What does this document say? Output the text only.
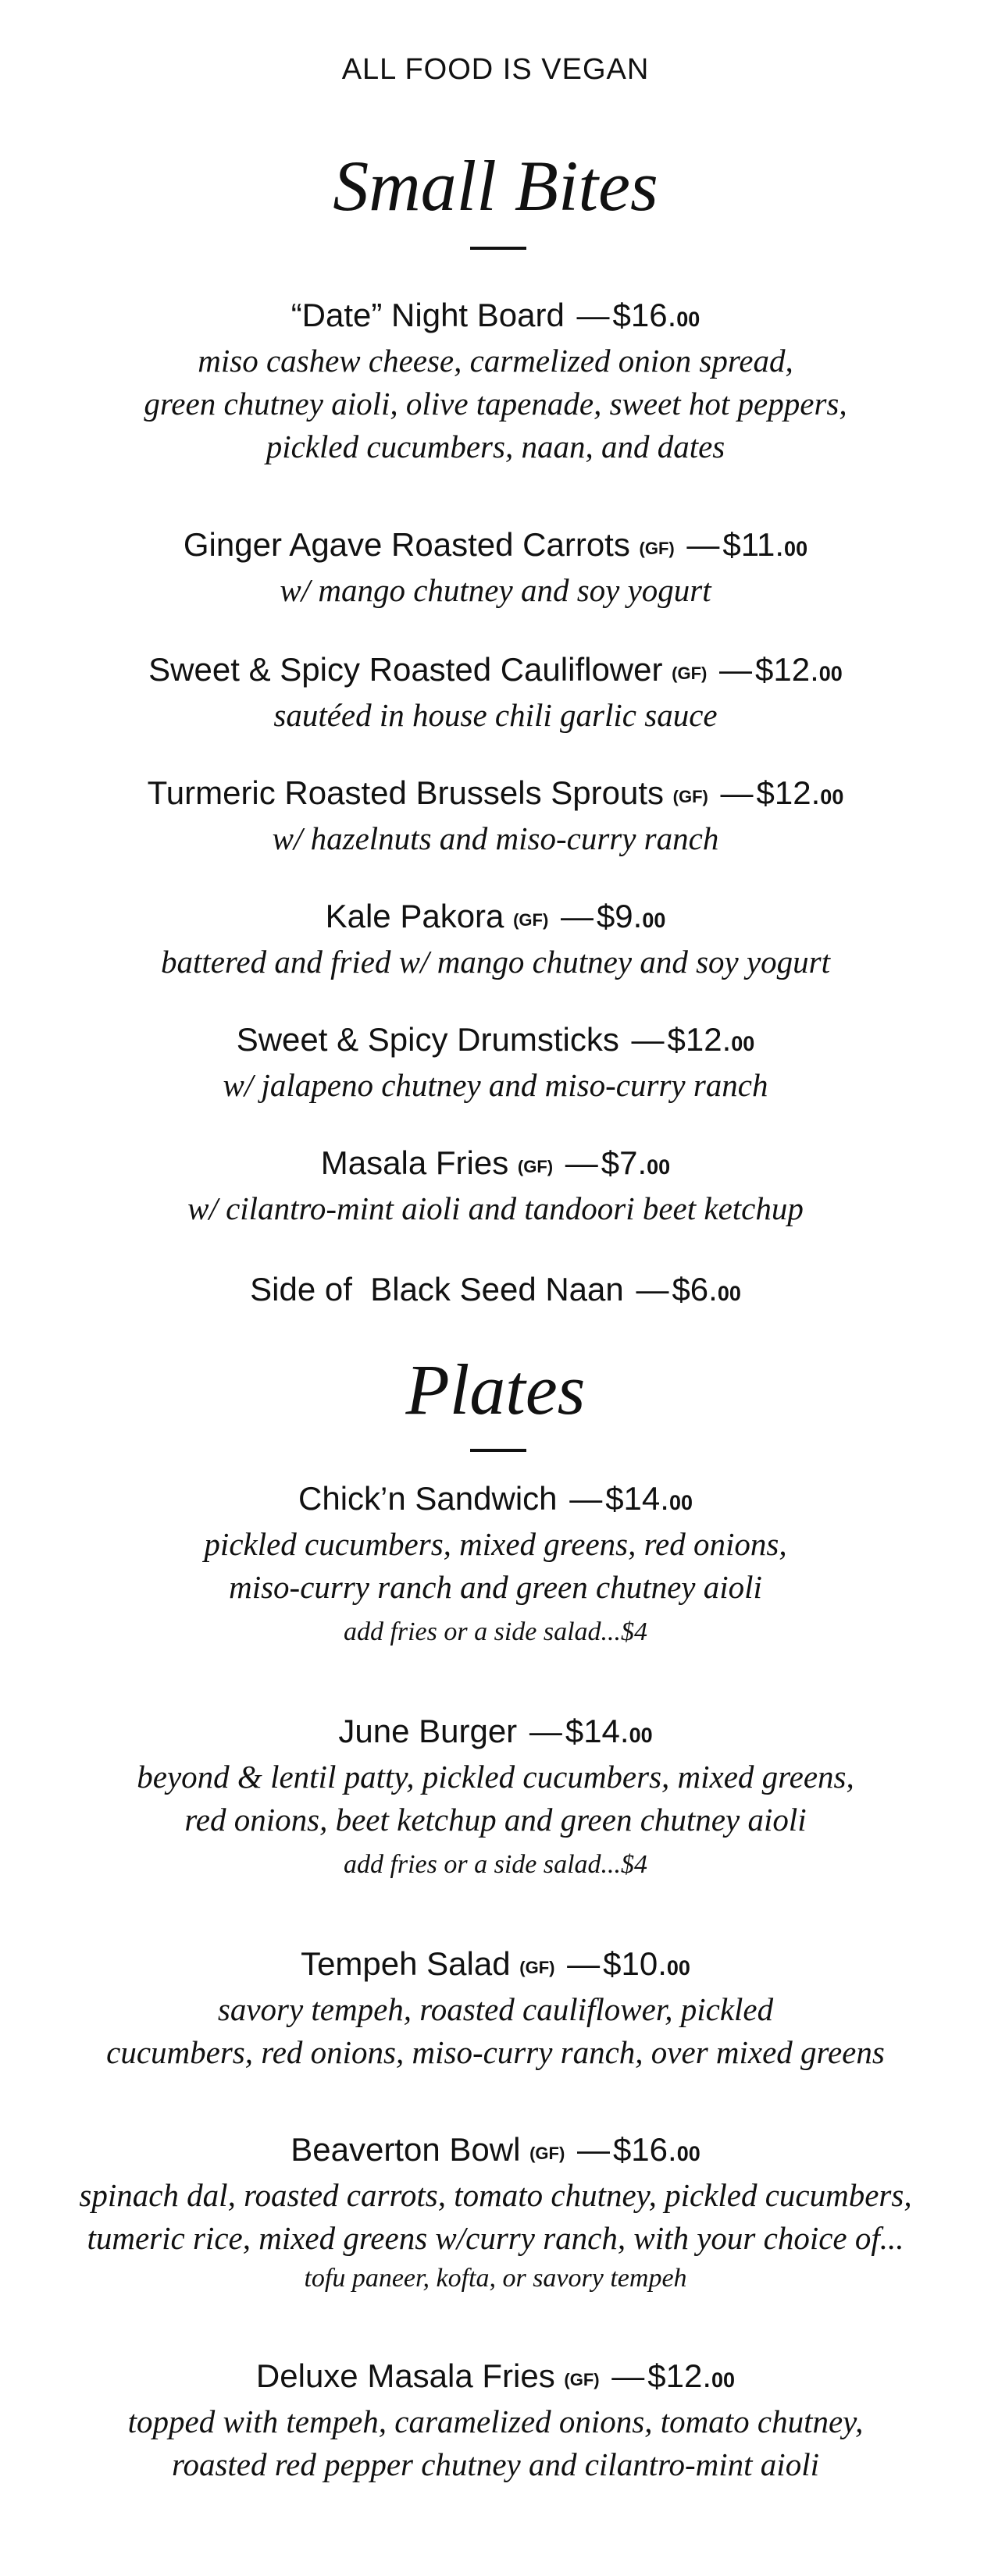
ALL FOOD IS VEGAN
Small Bites
“Date” Night Board —$16.00
miso cashew cheese, carmelized onion spread,
green chutney aioli, olive tapenade, sweet hot peppers,
pickled cucumbers, naan, and dates
Ginger Agave Roasted Carrots (GF) —$11.00
w/ mango chutney and soy yogurt
Sweet & Spicy Roasted Cauliflower (GF) —$12.00
sautéed in house chili garlic sauce
Turmeric Roasted Brussels Sprouts (GF) —$12.00
w/ hazelnuts and miso-curry ranch
Kale Pakora (GF) —$9.00
battered and fried w/ mango chutney and soy yogurt
Sweet & Spicy Drumsticks —$12.00
w/ jalapeno chutney and miso-curry ranch
Masala Fries (GF) —$7.00
w/ cilantro-mint aioli and tandoori beet ketchup
Side of  Black Seed Naan —$6.00
Plates
Chick’n Sandwich —$14.00
pickled cucumbers, mixed greens, red onions,
miso-curry ranch and green chutney aioli
add fries or a side salad...$4
June Burger —$14.00
beyond & lentil patty, pickled cucumbers, mixed greens,
red onions, beet ketchup and green chutney aioli
add fries or a side salad...$4
Tempeh Salad (GF) —$10.00
savory tempeh, roasted cauliflower, pickled
cucumbers, red onions, miso-curry ranch, over mixed greens
Beaverton Bowl (GF) —$16.00
spinach dal, roasted carrots, tomato chutney, pickled cucumbers,
tumeric rice, mixed greens w/curry ranch, with your choice of...
tofu paneer, kofta, or savory tempeh
Deluxe Masala Fries (GF) —$12.00
topped with tempeh, caramelized onions, tomato chutney,
roasted red pepper chutney and cilantro-mint aioli
